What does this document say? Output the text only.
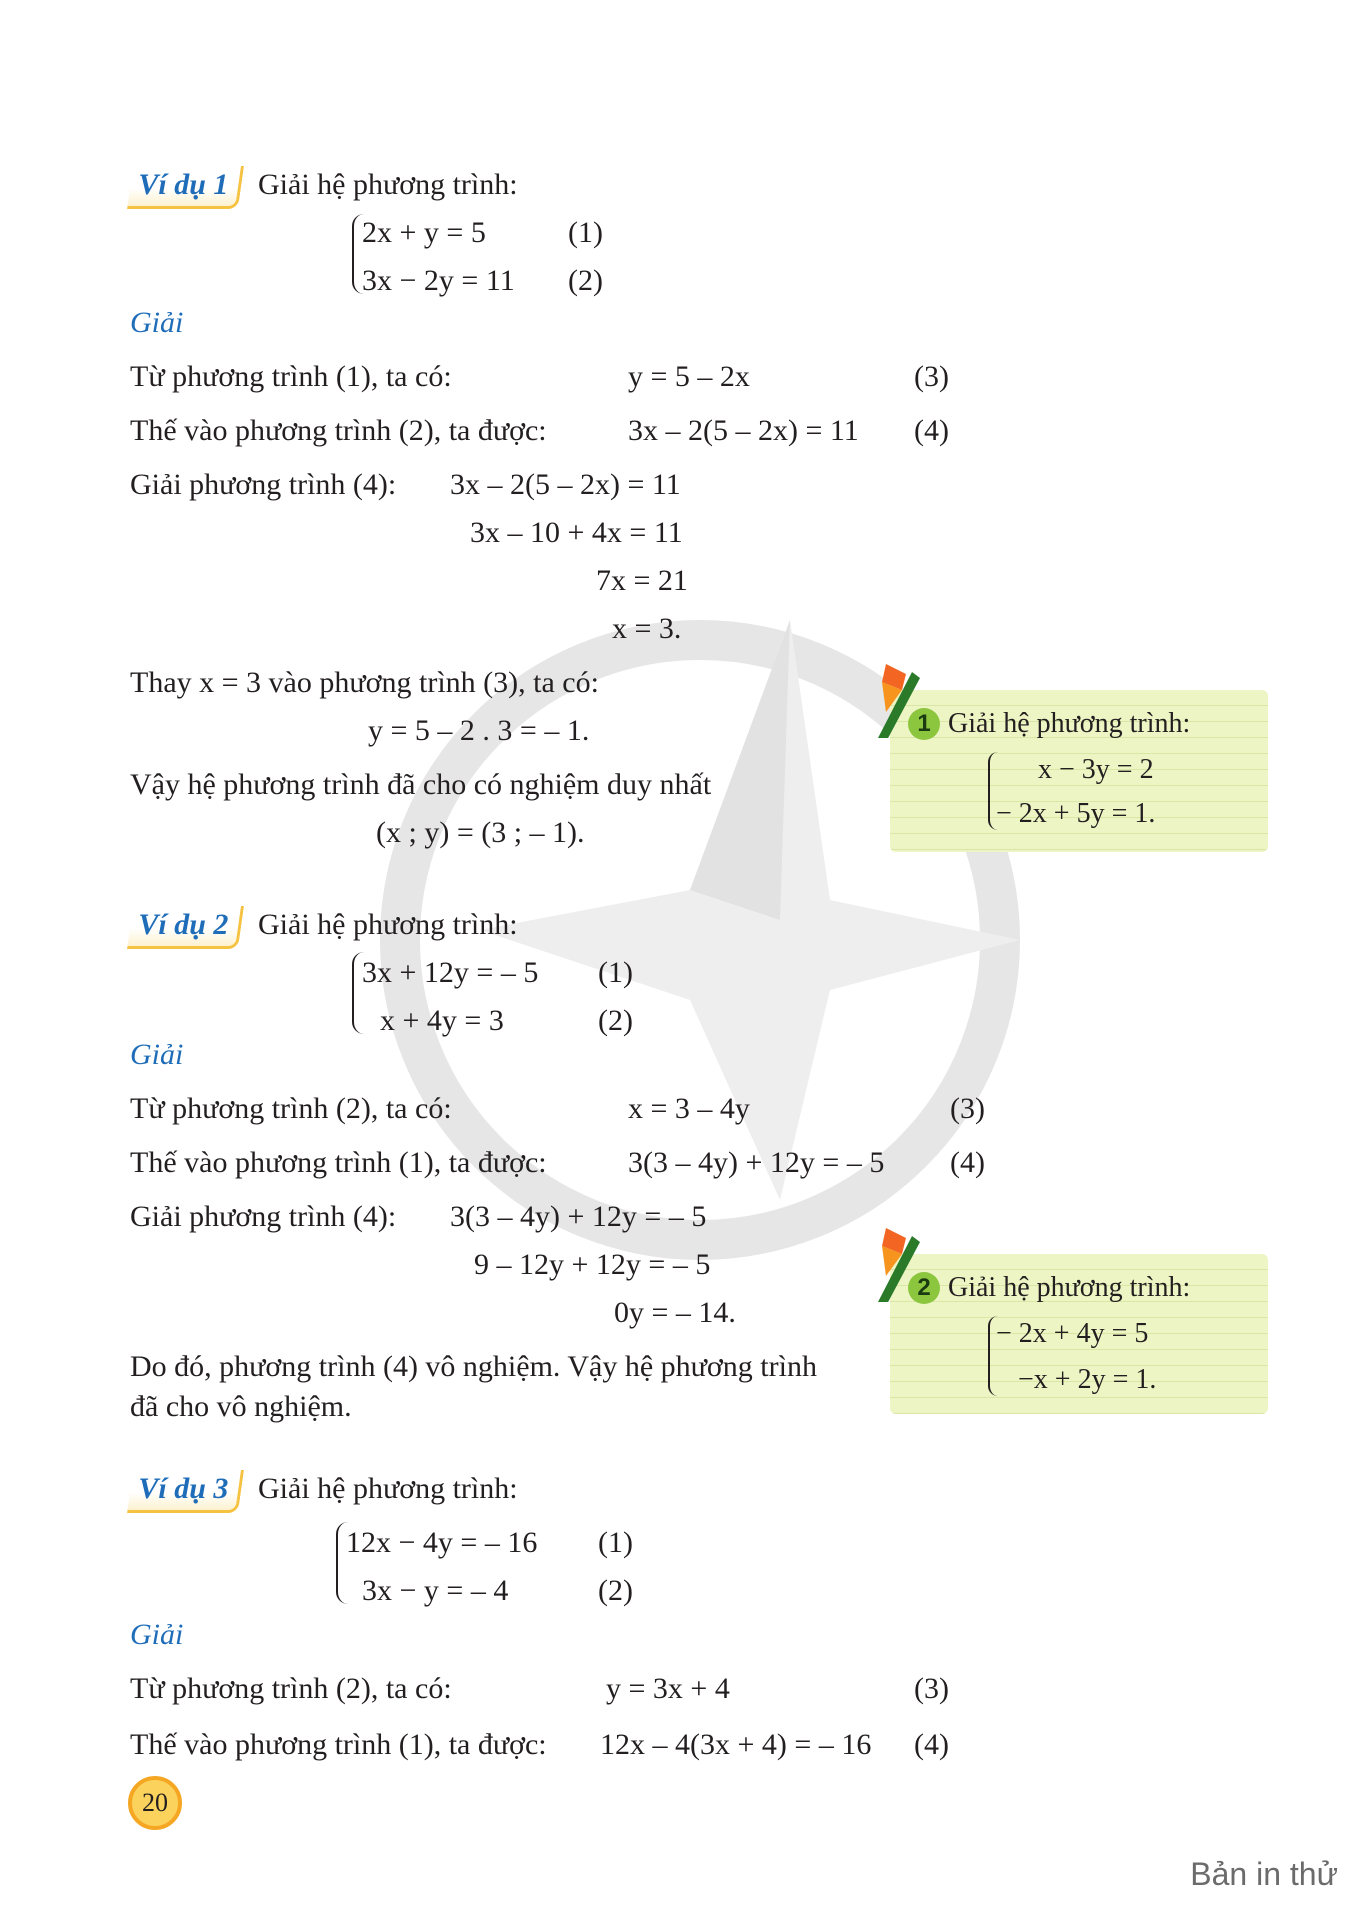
Ví dụ 1 Giải hệ phương trình:
2x + y = 5	(1)
3x − 2y = 11 (2)
Giải
Từ phương trình (1), ta có:	y = 5 – 2x	(3)
Thế vào phương trình (2), ta được:	3x – 2(5 – 2x) = 11 (4)
Giải phương trình (4): 3x – 2(5 – 2x) = 11
3x – 10 + 4x = 11
7x = 21
x = 3.
Thay x = 3 vào phương trình (3), ta có:
y = 5 – 2 . 3 = – 1.
Vậy hệ phương trình đã cho có nghiệm duy nhất
(x ; y) = (3 ; – 1).
1 Giải hệ phương trình:
x − 3y = 2
− 2x + 5y = 1.
Ví dụ 2 Giải hệ phương trình:
3x + 12y = – 5 (1)
x + 4y = 3	(2)
Giải
Từ phương trình (2), ta có:	x = 3 – 4y	(3)
Thế vào phương trình (1), ta được:	3(3 – 4y) + 12y = – 5 (4)
Giải phương trình (4): 3(3 – 4y) + 12y = – 5
9 – 12y + 12y = – 5
0y = – 14.
Do đó, phương trình (4) vô nghiệm. Vậy hệ phương trình
đã cho vô nghiệm.
2 Giải hệ phương trình:
− 2x + 4y = 5
−x + 2y = 1.
Ví dụ 3 Giải hệ phương trình:
12x − 4y = – 16 (1)
3x − y = – 4	(2)
Giải
Từ phương trình (2), ta có:	y = 3x + 4	(3)
Thế vào phương trình (1), ta được: 12x – 4(3x + 4) = – 16 (4)
20
Bản in thử
